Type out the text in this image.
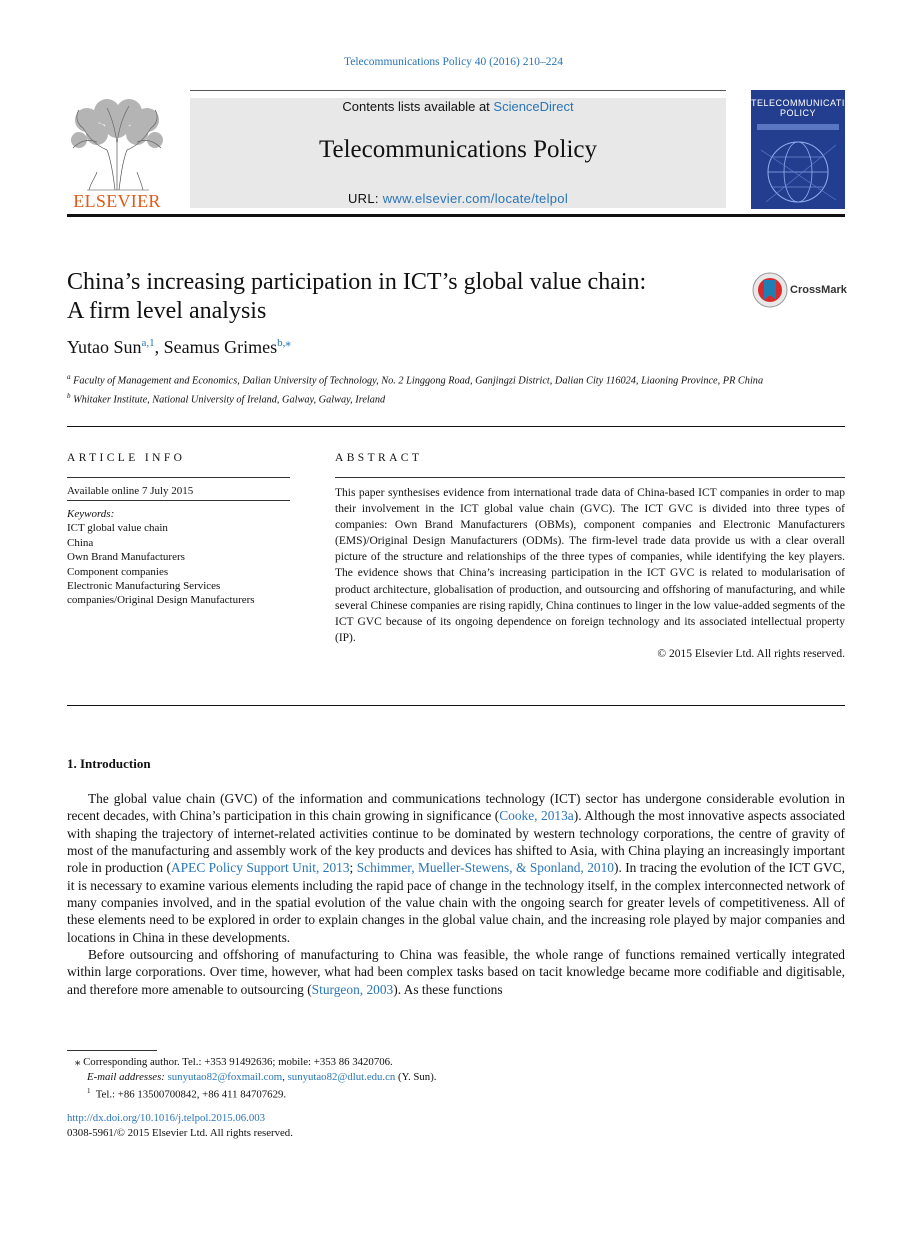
Telecommunications Policy 40 (2016) 210–224
ELSEVIER
Contents lists available at ScienceDirect
Telecommunications Policy
URL: www.elsevier.com/locate/telpol
TELECOMMUNICATIONS POLICY
China’s increasing participation in ICT’s global value chain:
A firm level analysis
CrossMark
Yutao Sun$^{a,1}$, Seamus Grimes$^{b,⁎}$
$^a$ Faculty of Management and Economics, Dalian University of Technology, No. 2 Linggong Road, Ganjingzi District, Dalian City 116024, Liaoning Province, PR China
$^b$ Whitaker Institute, National University of Ireland, Galway, Galway, Ireland
ARTICLE INFO
Available online 7 July 2015
Keywords:
ICT global value chain
China
Own Brand Manufacturers
Component companies
Electronic Manufacturing Services
companies/Original Design Manufacturers
ABSTRACT
This paper synthesises evidence from international trade data of China-based ICT companies in order to map their involvement in the ICT global value chain (GVC). The ICT GVC is divided into three types of companies: Own Brand Manufacturers (OBMs), component companies and Electronic Manufacturers (EMS)/Original Design Manufacturers (ODMs). The firm-level trade data provide us with a clear overall picture of the structure and relationships of the three types of companies, while identifying the key players. The evidence shows that China’s increasing participation in the ICT GVC is related to modularisation of product architecture, globalisation of production, and outsourcing and offshoring of manufacturing, and while several Chinese companies are rising rapidly, China continues to linger in the low value-added segments of the ICT GVC because of its ongoing dependence on foreign technology and its associated intellectual property (IP).
© 2015 Elsevier Ltd. All rights reserved.
1. Introduction

The global value chain (GVC) of the information and communications technology (ICT) sector has undergone considerable evolution in recent decades, with China’s participation in this chain growing in significance (Cooke, 2013a). Although the most innovative aspects associated with shaping the trajectory of internet-related activities continue to be dominated by western technology corporations, the centre of gravity of most of the manufacturing and assembly work of the key products and devices has shifted to Asia, with China playing an increasingly important role in production (APEC Policy Support Unit, 2013; Schimmer, Mueller-Stewens, & Sponland, 2010). In tracing the evolution of the ICT GVC, it is necessary to examine various elements including the rapid pace of change in the technology itself, in the complex interconnected network of many companies involved, and in the spatial evolution of the value chain with the ongoing search for greater levels of competitiveness. All of these elements need to be explored in order to explain changes in the global value chain, and the increasing role played by major companies and locations in China in these developments.

Before outsourcing and offshoring of manufacturing to China was feasible, the whole range of functions remained vertically integrated within large corporations. Over time, however, what had been complex tasks based on tacit knowledge became more codifiable and digitisable, and therefore more amenable to outsourcing (Sturgeon, 2003). As these functions

⁎ Corresponding author. Tel.: +353 91492636; mobile: +353 86 3420706.
E-mail addresses: sunyutao82@foxmail.com, sunyutao82@dlut.edu.cn (Y. Sun).
$^1$ Tel.: +86 13500700842, +86 411 84707629.
http://dx.doi.org/10.1016/j.telpol.2015.06.003
0308-5961/© 2015 Elsevier Ltd. All rights reserved.
